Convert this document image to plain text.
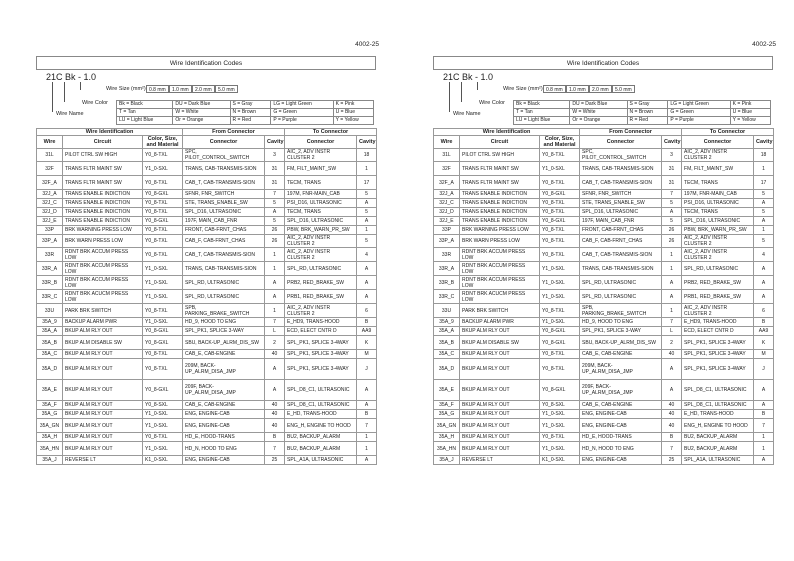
4002-25
Wire Identification Codes
21C Bk - 1.0
Wire Size (mm²) 0.8 mm	1.0 mm	2.0 mm	5.0 mm
Wire Color
Wire Name
Bk = Black	DU = Dark Blue	S = Gray	LG = Light Green	K = Pink
T = Tan	W = White	N = Brown	G = Green	U = Blue
LU = Light Blue	Or = Orange	R = Red	P = Purple	Y = Yellow
Wire Identification			From Connector		To Connector	
Wire	Circuit	Color, Size, and Material	Connector	Cavity	Connector	Cavity
31L	PILOT CTRL SW HIGH	Y0_8-TXL	SPC, PILOT_CONTROL_SWITCH	3	AIC_2, ADV INSTR CLUSTER 2	18
32F	TRANS FLTR MAINT SW	Y1_0-SXL	TRANS, CAB-TRANSMIS-SION	31	FM, FILT_MAINT_SW	1
32F_A	TRANS FLTR MAINT SW	Y0_8-TXL	CAB_T, CAB-TRANSMIS-SION	31	TECM, TRANS	17
32J_A	TRANS ENABLE INDICTION	Y0_8-GXL	SFNR, FNR_SWITCH	7	197M, FNR-MAIN_CAB	5
32J_C	TRANS ENABLE INDICTION	Y0_8-TXL	STE, TRANS_ENABLE_SW	5	PSI_D16, ULTRASONIC	A
32J_D	TRANS ENABLE INDICTION	Y0_8-TXL	SPL_D16, ULTRASONIC	A	TECM, TRANS	5
32J_E	TRANS ENABLE INDICTION	Y0_8-GXL	197F, MAIN_CAB_FNR	5	SPL_D16, ULTRASONIC	A
33P	BRK WARNING PRESS LOW	Y0_8-TXL	FRONT, CAB-FRNT_CHAS	26	PBW, BRK_WARN_PR_SW	1
33P_A	BRK WARN PRESS LOW	Y0_8-TXL	CAB_F, CAB-FRNT_CHAS	26	AIC_2, ADV INSTR CLUSTER 2	5
33R	RDNT BRK ACCUM PRESS LOW	Y0_8-TXL	CAB_T, CAB-TRANSMIS-SION	1	AIC_2, ADV INSTR CLUSTER 2	4
33R_A	RDNT BRK ACCUM PRESS LOW	Y1_0-SXL	TRANS, CAB-TRANSMIS-SION	1	SPL_RD, ULTRASONIC	A
33R_B	RDNT BRK ACCUM PRESS LOW	Y1_0-SXL	SPL_RD, ULTRASONIC	A	PRB2, RED_BRAKE_SW	A
33R_C	RDNT BRK ACUCM PRESS LOW	Y1_0-SXL	SPL_RD, ULTRASONIC	A	PRB1, RED_BRAKE_SW	A
33U	PARK BRK SWITCH	Y0_8-TXL	SPB, PARKING_BRAKE_SWITCH	1	AIC_2, ADV INSTR CLUSTER 2	6
35A_9	BACKUP ALARM PWR	Y1_0-SXL	HD_9, HOOD TO ENG	7	E_HD9, TRANS-HOOD	B
35A_A	BKUP ALM RLY OUT	Y0_8-GXL	SPL_PK1, SPLICE 3-WAY	L	ECD, ELECT CNTR D	AA9
35A_B	BKUP ALM DISABLE SW	Y0_8-GXL	SBU, BACK-UP_ALRM_DIS_SW	2	SPL_PK1, SPLICE 3-4WAY	K
35A_C	BKUP ALM RLY OUT	Y0_8-TXL	CAB_E, CAB-ENGINE	40	SPL_PK1, SPLICE 3-4WAY	M
35A_D	BKUP ALM RLY OUT	Y0_8-TXL	209M, BACK-UP_ALRM_DISA_JMP	A	SPL_PK1, SPLICE 3-4WAY	J
35A_E	BKUP ALM RLY OUT	Y0_8-GXL	209F, BACK-UP_ALRM_DISA_JMP	A	SPL_D8_C1, ULTRASONIC	A
35A_F	BKUP ALM RLY OUT	Y0_8-SXL	CAB_E, CAB-ENGINE	40	SPL_D8_C1, ULTRASONIC	A
35A_G	BKUP ALM RLY OUT	Y1_0-SXL	ENG, ENGINE-CAB	40	E_HD, TRANS-HOOD	B
35A_GN	BKUP ALM RLY OUT	Y1_0-SXL	ENG, ENGINE-CAB	40	ENG_H, ENGINE TO HOOD	7
35A_H	BKUP ALM RLY OUT	Y0_8-TXL	HD_E, HOOD-TRANS	B	BU2, BACKUP_ALARM	1
35A_HN	BKUP ALM RLY OUT	Y1_0-SXL	HD_N, HOOD TO ENG	7	BU2, BACKUP_ALARM	1
35A_J	REVERSE LT	K1_0-SXL	ENG, ENGINE-CAB	25	SPL_A1A, ULTRASONIC	A
4002-25
Wire Identification Codes
21C Bk - 1.0
Wire Size (mm²) 0.8 mm	1.0 mm	2.0 mm	5.0 mm
Wire Color
Wire Name
Bk = Black	DU = Dark Blue	S = Gray	LG = Light Green	K = Pink
T = Tan	W = White	N = Brown	G = Green	U = Blue
LU = Light Blue	Or = Orange	R = Red	P = Purple	Y = Yellow
Wire Identification			From Connector		To Connector	
Wire	Circuit	Color, Size, and Material	Connector	Cavity	Connector	Cavity
31L	PILOT CTRL SW HIGH	Y0_8-TXL	SPC, PILOT_CONTROL_SWITCH	3	AIC_2, ADV INSTR CLUSTER 2	18
32F	TRANS FLTR MAINT SW	Y1_0-SXL	TRANS, CAB-TRANSMIS-SION	31	FM, FILT_MAINT_SW	1
32F_A	TRANS FLTR MAINT SW	Y0_8-TXL	CAB_T, CAB-TRANSMIS-SION	31	TECM, TRANS	17
32J_A	TRANS ENABLE INDICTION	Y0_8-GXL	SFNR, FNR_SWITCH	7	197M, FNR-MAIN_CAB	5
32J_C	TRANS ENABLE INDICTION	Y0_8-TXL	STE, TRANS_ENABLE_SW	5	PSI_D16, ULTRASONIC	A
32J_D	TRANS ENABLE INDICTION	Y0_8-TXL	SPL_D16, ULTRASONIC	A	TECM, TRANS	5
32J_E	TRANS ENABLE INDICTION	Y0_8-GXL	197F, MAIN_CAB_FNR	5	SPL_D16, ULTRASONIC	A
33P	BRK WARNING PRESS LOW	Y0_8-TXL	FRONT, CAB-FRNT_CHAS	26	PBW, BRK_WARN_PR_SW	1
33P_A	BRK WARN PRESS LOW	Y0_8-TXL	CAB_F, CAB-FRNT_CHAS	26	AIC_2, ADV INSTR CLUSTER 2	5
33R	RDNT BRK ACCUM PRESS LOW	Y0_8-TXL	CAB_T, CAB-TRANSMIS-SION	1	AIC_2, ADV INSTR CLUSTER 2	4
33R_A	RDNT BRK ACCUM PRESS LOW	Y1_0-SXL	TRANS, CAB-TRANSMIS-SION	1	SPL_RD, ULTRASONIC	A
33R_B	RDNT BRK ACCUM PRESS LOW	Y1_0-SXL	SPL_RD, ULTRASONIC	A	PRB2, RED_BRAKE_SW	A
33R_C	RDNT BRK ACUCM PRESS LOW	Y1_0-SXL	SPL_RD, ULTRASONIC	A	PRB1, RED_BRAKE_SW	A
33U	PARK BRK SWITCH	Y0_8-TXL	SPB, PARKING_BRAKE_SWITCH	1	AIC_2, ADV INSTR CLUSTER 2	6
35A_9	BACKUP ALARM PWR	Y1_0-SXL	HD_9, HOOD TO ENG	7	E_HD9, TRANS-HOOD	B
35A_A	BKUP ALM RLY OUT	Y0_8-GXL	SPL_PK1, SPLICE 3-WAY	L	ECD, ELECT CNTR D	AA9
35A_B	BKUP ALM DISABLE SW	Y0_8-GXL	SBU, BACK-UP_ALRM_DIS_SW	2	SPL_PK1, SPLICE 3-4WAY	K
35A_C	BKUP ALM RLY OUT	Y0_8-TXL	CAB_E, CAB-ENGINE	40	SPL_PK1, SPLICE 3-4WAY	M
35A_D	BKUP ALM RLY OUT	Y0_8-TXL	209M, BACK-UP_ALRM_DISA_JMP	A	SPL_PK1, SPLICE 3-4WAY	J
35A_E	BKUP ALM RLY OUT	Y0_8-GXL	209F, BACK-UP_ALRM_DISA_JMP	A	SPL_D8_C1, ULTRASONIC	A
35A_F	BKUP ALM RLY OUT	Y0_8-SXL	CAB_E, CAB-ENGINE	40	SPL_D8_C1, ULTRASONIC	A
35A_G	BKUP ALM RLY OUT	Y1_0-SXL	ENG, ENGINE-CAB	40	E_HD, TRANS-HOOD	B
35A_GN	BKUP ALM RLY OUT	Y1_0-SXL	ENG, ENGINE-CAB	40	ENG_H, ENGINE TO HOOD	7
35A_H	BKUP ALM RLY OUT	Y0_8-TXL	HD_E, HOOD-TRANS	B	BU2, BACKUP_ALARM	1
35A_HN	BKUP ALM RLY OUT	Y1_0-SXL	HD_N, HOOD TO ENG	7	BU2, BACKUP_ALARM	1
35A_J	REVERSE LT	K1_0-SXL	ENG, ENGINE-CAB	25	SPL_A1A, ULTRASONIC	A
